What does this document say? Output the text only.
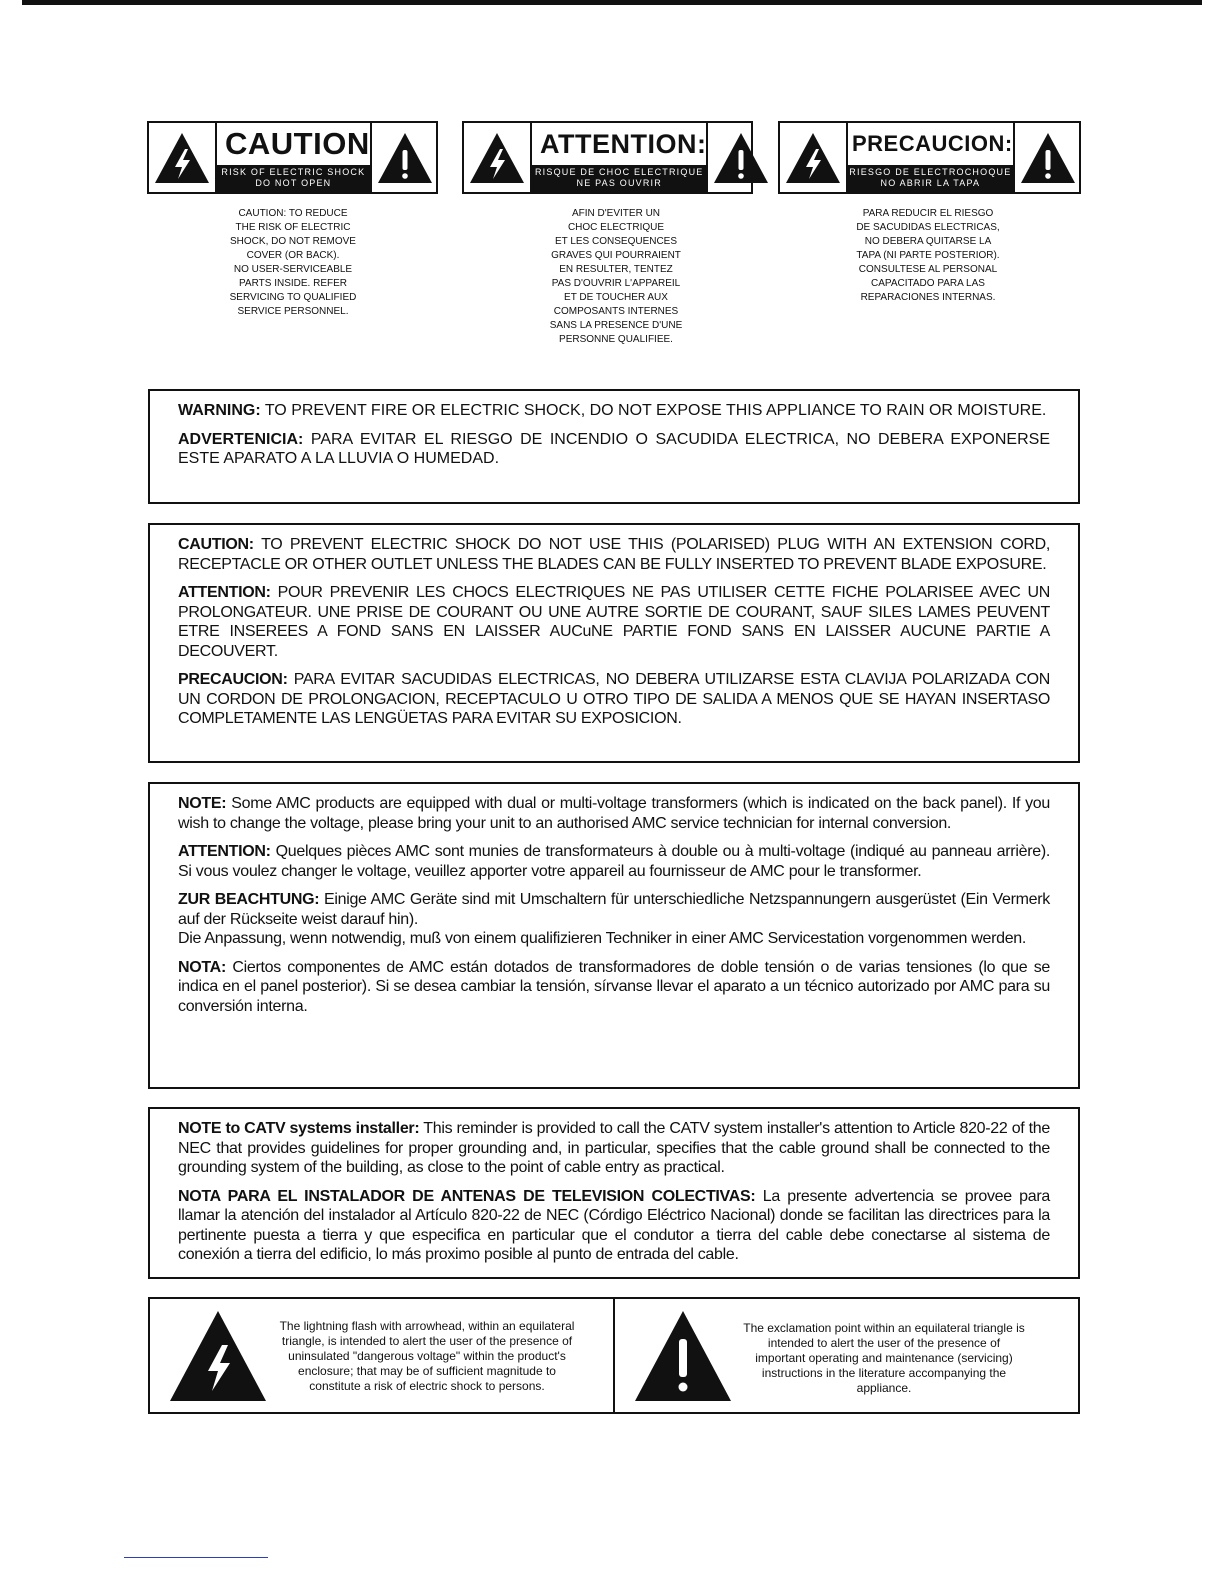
CAUTION
RISK OF ELECTRIC SHOCK
DO NOT OPEN
ATTENTION:
RISQUE DE CHOC ELECTRIQUE
NE PAS OUVRIR
PRECAUCION:
RIESGO DE ELECTROCHOQUE
NO ABRIR LA TAPA
CAUTION: TO REDUCE
THE RISK OF ELECTRIC
SHOCK, DO NOT REMOVE
COVER (OR BACK).
NO USER-SERVICEABLE
PARTS INSIDE. REFER
SERVICING TO QUALIFIED
SERVICE PERSONNEL.
AFIN D'EVITER UN
CHOC ELECTRIQUE
ET LES CONSEQUENCES
GRAVES QUI POURRAIENT
EN RESULTER, TENTEZ
PAS D'OUVRIR L'APPAREIL
ET DE TOUCHER AUX
COMPOSANTS INTERNES
SANS LA PRESENCE D'UNE
PERSONNE QUALIFIEE.
PARA REDUCIR EL RIESGO
DE SACUDIDAS ELECTRICAS,
NO DEBERA QUITARSE LA
TAPA (NI PARTE POSTERIOR).
CONSULTESE AL PERSONAL
CAPACITADO PARA LAS
REPARACIONES INTERNAS.

WARNING: TO PREVENT FIRE OR ELECTRIC SHOCK, DO NOT EXPOSE THIS APPLIANCE TO RAIN OR MOISTURE.

ADVERTENICIA: PARA EVITAR EL RIESGO DE INCENDIO O SACUDIDA ELECTRICA, NO DEBERA EXPONERSE ESTE APARATO A LA LLUVIA O HUMEDAD.

CAUTION: TO PREVENT ELECTRIC SHOCK DO NOT USE THIS (POLARISED) PLUG WITH AN EXTENSION CORD, RECEPTACLE OR OTHER OUTLET UNLESS THE BLADES CAN BE FULLY INSERTED TO PREVENT BLADE EXPOSURE.

ATTENTION: POUR PREVENIR LES CHOCS ELECTRIQUES NE PAS UTILISER CETTE FICHE POLARISEE AVEC UN PROLONGATEUR. UNE PRISE DE COURANT OU UNE AUTRE SORTIE DE COURANT, SAUF SILES LAMES PEUVENT ETRE INSEREES A FOND SANS EN LAISSER AUCuNE PARTIE FOND SANS EN LAISSER AUCUNE PARTIE A DECOUVERT.

PRECAUCION: PARA EVITAR SACUDIDAS ELECTRICAS, NO DEBERA UTILIZARSE ESTA CLAVIJA POLARIZADA CON UN CORDON DE PROLONGACION, RECEPTACULO U OTRO TIPO DE SALIDA A MENOS QUE SE HAYAN INSERTASO COMPLETAMENTE LAS LENGÜETAS PARA EVITAR SU EXPOSICION.

NOTE: Some AMC products are equipped with dual or multi-voltage transformers (which is indicated on the back panel). If you wish to change the voltage, please bring your unit to an authorised AMC service technician for internal conversion.

ATTENTION: Quelques pièces AMC sont munies de transformateurs à double ou à multi-voltage (indiqué au panneau arrière). Si vous voulez changer le voltage, veuillez apporter votre appareil au fournisseur de AMC pour le transformer.

ZUR BEACHTUNG: Einige AMC Geräte sind mit Umschaltern für unterschiedliche Netzspannungern ausgerüstet (Ein Vermerk auf der Rückseite weist darauf hin).

Die Anpassung, wenn notwendig, muß von einem qualifizieren Techniker in einer AMC Servicestation vorgenommen werden.

NOTA: Ciertos componentes de AMC están dotados de transformadores de doble tensión o de varias tensiones (lo que se indica en el panel posterior). Si se desea cambiar la tensión, sírvanse llevar el aparato a un técnico autorizado por AMC para su conversión interna.

NOTE to CATV systems installer: This reminder is provided to call the CATV system installer's attention to Article 820-22 of the NEC that provides guidelines for proper grounding and, in particular, specifies that the cable ground shall be connected to the grounding system of the building, as close to the point of cable entry as practical.

NOTA PARA EL INSTALADOR DE ANTENAS DE TELEVISION COLECTIVAS: La presente advertencia se provee para llamar la atención del instalador al Artículo 820-22 de NEC (Córdigo Eléctrico Nacional) donde se facilitan las directrices para la pertinente puesta a tierra y que especifica en particular que el condutor a tierra del cable debe conectarse al sistema de conexión a tierra del edificio, lo más proximo posible al punto de entrada del cable.

The lightning flash with arrowhead, within an equilateral
triangle, is intended to alert the user of the presence of
uninsulated "dangerous voltage" within the product's
enclosure; that may be of sufficient magnitude to
constitute a risk of electric shock to persons.
The exclamation point within an equilateral triangle is
intended to alert the user of the presence of
important operating and maintenance (servicing)
instructions in the literature accompanying the
appliance.
